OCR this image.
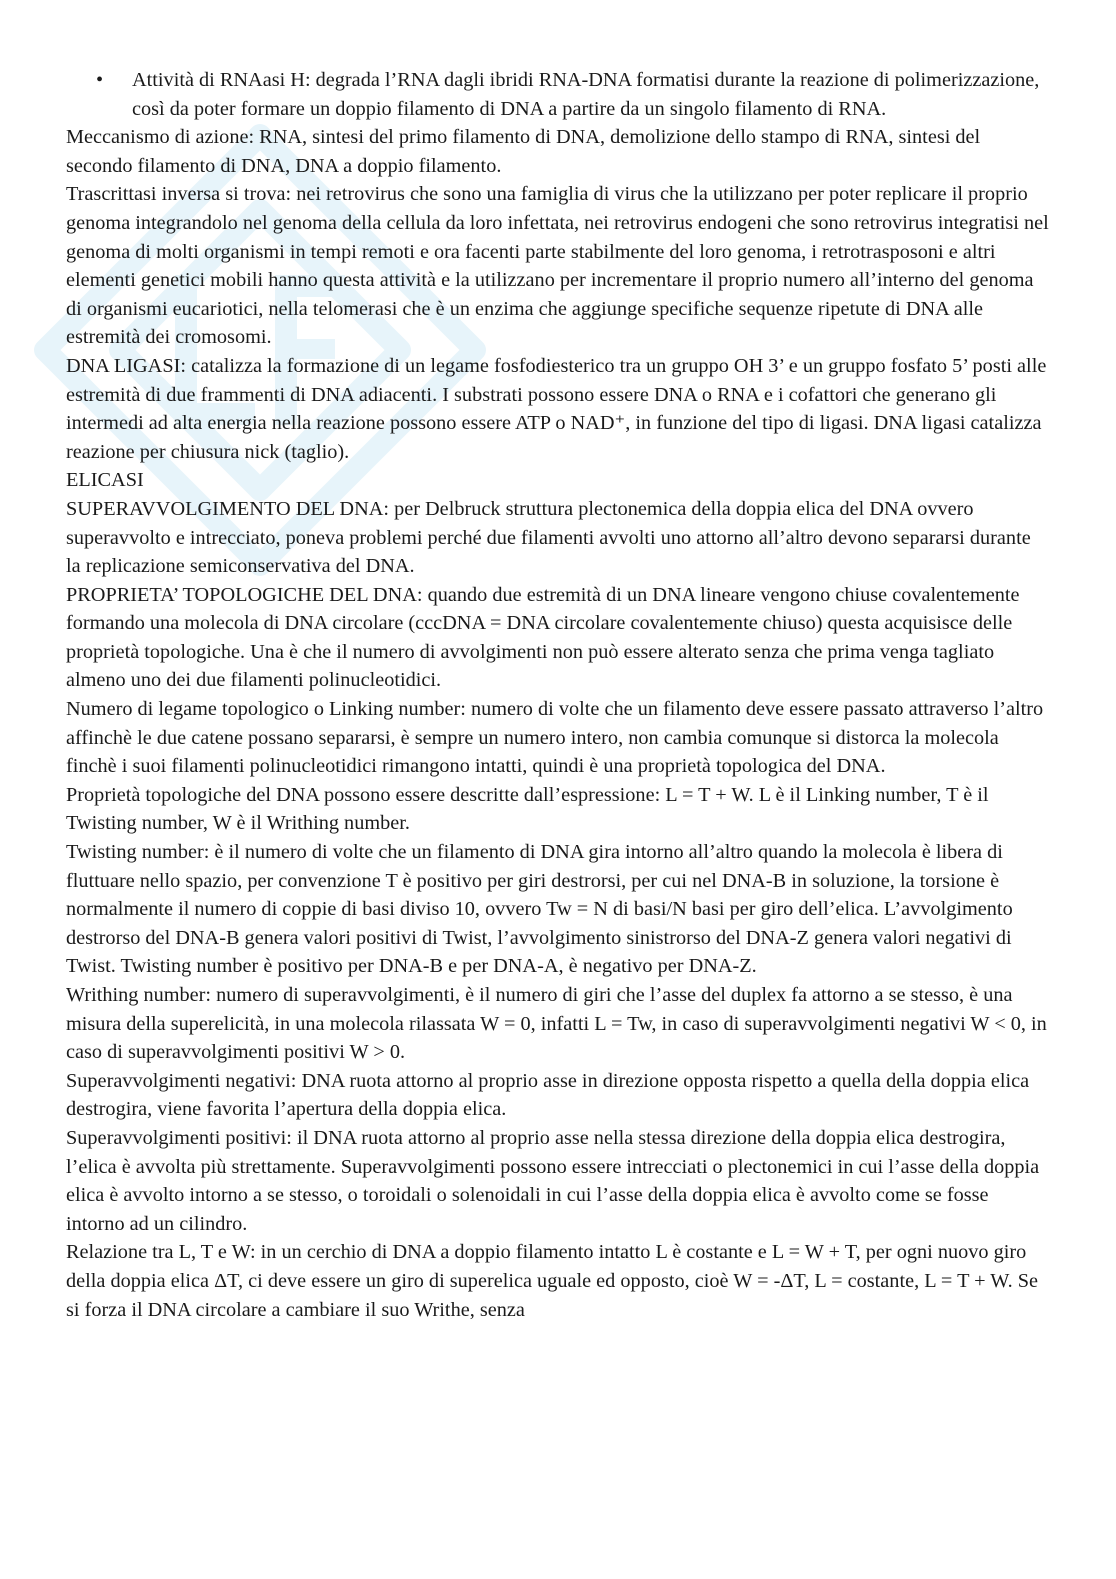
• Attività di RNAasi H: degrada l’RNA dagli ibridi RNA-DNA formatisi durante la reazione di polimerizzazione, così da poter formare un doppio filamento di DNA a partire da un singolo filamento di RNA.

Meccanismo di azione: RNA, sintesi del primo filamento di DNA, demolizione dello stampo di RNA, sintesi del secondo filamento di DNA, DNA a doppio filamento.

Trascrittasi inversa si trova: nei retrovirus che sono una famiglia di virus che la utilizzano per poter replicare il proprio genoma integrandolo nel genoma della cellula da loro infettata, nei retrovirus endogeni che sono retrovirus integratisi nel genoma di molti organismi in tempi remoti e ora facenti parte stabilmente del loro genoma, i retrotrasposoni e altri elementi genetici mobili hanno questa attività e la utilizzano per incrementare il proprio numero all’interno del genoma di organismi eucariotici, nella telomerasi che è un enzima che aggiunge specifiche sequenze ripetute di DNA alle estremità dei cromosomi.

DNA LIGASI: catalizza la formazione di un legame fosfodiesterico tra un gruppo OH 3’ e un gruppo fosfato 5’ posti alle estremità di due frammenti di DNA adiacenti. I substrati possono essere DNA o RNA e i cofattori che generano gli intermedi ad alta energia nella reazione possono essere ATP o NAD⁺, in funzione del tipo di ligasi. DNA ligasi catalizza reazione per chiusura nick (taglio).

ELICASI

SUPERAVVOLGIMENTO DEL DNA: per Delbruck struttura plectonemica della doppia elica del DNA ovvero superavvolto e intrecciato, poneva problemi perché due filamenti avvolti uno attorno all’altro devono separarsi durante la replicazione semiconservativa del DNA.

PROPRIETA’ TOPOLOGICHE DEL DNA: quando due estremità di un DNA lineare vengono chiuse covalentemente formando una molecola di DNA circolare (cccDNA = DNA circolare covalentemente chiuso) questa acquisisce delle proprietà topologiche. Una è che il numero di avvolgimenti non può essere alterato senza che prima venga tagliato almeno uno dei due filamenti polinucleotidici.

Numero di legame topologico o Linking number: numero di volte che un filamento deve essere passato attraverso l’altro affinchè le due catene possano separarsi, è sempre un numero intero, non cambia comunque si distorca la molecola finchè i suoi filamenti polinucleotidici rimangono intatti, quindi è una proprietà topologica del DNA.

Proprietà topologiche del DNA possono essere descritte dall’espressione: L = T + W. L è il Linking number, T è il Twisting number, W è il Writhing number.

Twisting number: è il numero di volte che un filamento di DNA gira intorno all’altro quando la molecola è libera di fluttuare nello spazio, per convenzione T è positivo per giri destrorsi, per cui nel DNA-B in soluzione, la torsione è normalmente il numero di coppie di basi diviso 10, ovvero Tw = N di basi/N basi per giro dell’elica. L’avvolgimento destrorso del DNA-B genera valori positivi di Twist, l’avvolgimento sinistrorso del DNA-Z genera valori negativi di Twist. Twisting number è positivo per DNA-B e per DNA-A, è negativo per DNA-Z.

Writhing number: numero di superavvolgimenti, è il numero di giri che l’asse del duplex fa attorno a se stesso, è una misura della superelicità, in una molecola rilassata W = 0, infatti L = Tw, in caso di superavvolgimenti negativi W < 0, in caso di superavvolgimenti positivi W > 0.

Superavvolgimenti negativi: DNA ruota attorno al proprio asse in direzione opposta rispetto a quella della doppia elica destrogira, viene favorita l’apertura della doppia elica.

Superavvolgimenti positivi: il DNA ruota attorno al proprio asse nella stessa direzione della doppia elica destrogira, l’elica è avvolta più strettamente. Superavvolgimenti possono essere intrecciati o plectonemici in cui l’asse della doppia elica è avvolto intorno a se stesso, o toroidali o solenoidali in cui l’asse della doppia elica è avvolto come se fosse intorno ad un cilindro.

Relazione tra L, T e W: in un cerchio di DNA a doppio filamento intatto L è costante e L = W + T, per ogni nuovo giro della doppia elica ΔT, ci deve essere un giro di superelica uguale ed opposto, cioè W = -ΔT, L = costante, L = T + W. Se si forza il DNA circolare a cambiare il suo Writhe, senza
